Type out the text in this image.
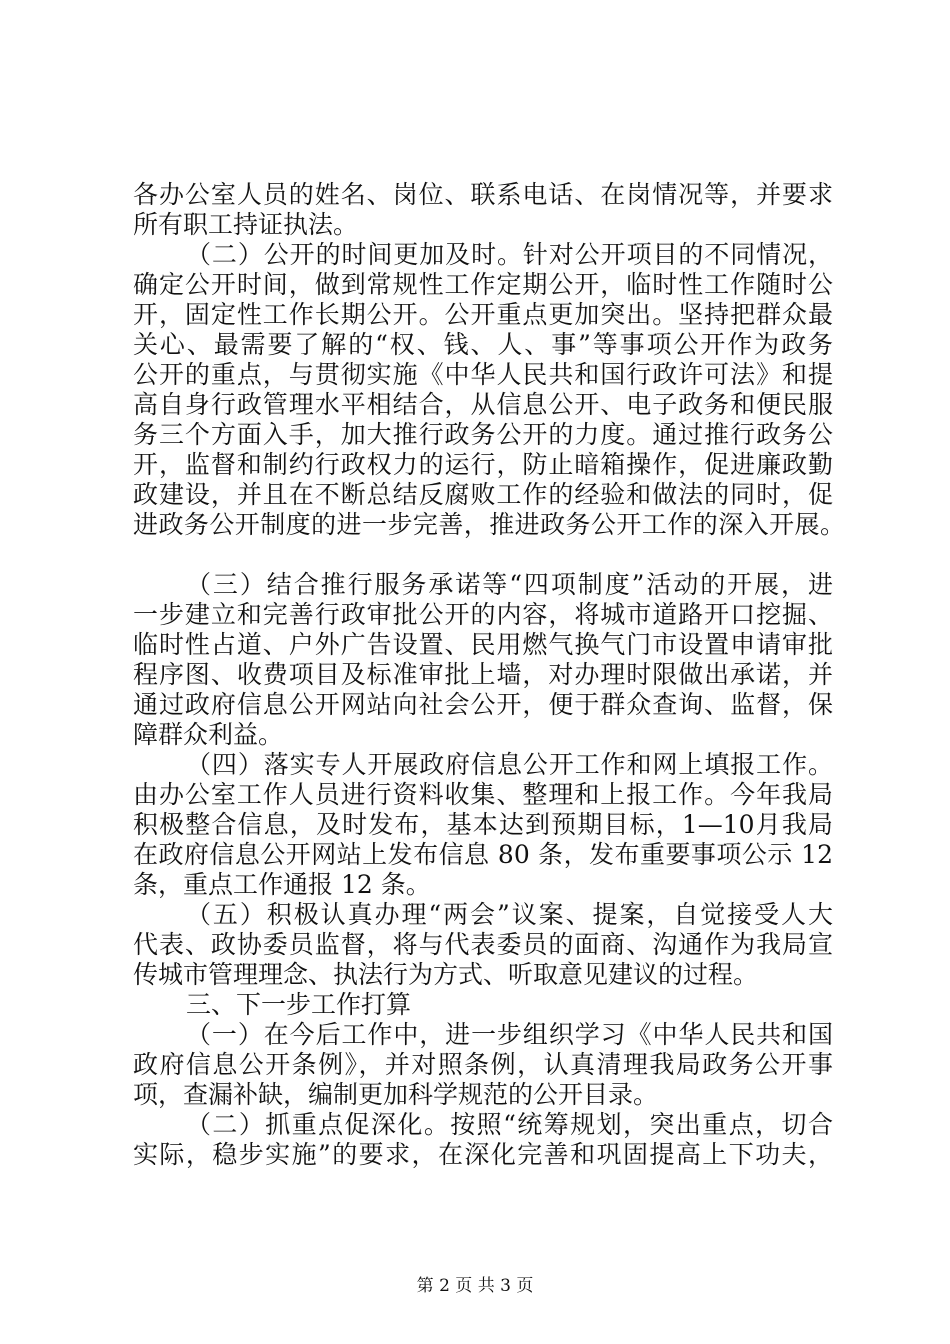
各办公室人员的姓名、岗位、联系电话、在岗情况等，并要求
所有职工持证执法。
（二）公开的时间更加及时。针对公开项目的不同情况，
确定公开时间，做到常规性工作定期公开，临时性工作随时公
开，固定性工作长期公开。公开重点更加突出。坚持把群众最
关心、最需要了解的“权、钱、人、事”等事项公开作为政务
公开的重点，与贯彻实施《中华人民共和国行政许可法》和提
高自身行政管理水平相结合，从信息公开、电子政务和便民服
务三个方面入手，加大推行政务公开的力度。通过推行政务公
开，监督和制约行政权力的运行，防止暗箱操作，促进廉政勤
政建设，并且在不断总结反腐败工作的经验和做法的同时，促
进政务公开制度的进一步完善，推进政务公开工作的深入开展。
（三）结合推行服务承诺等“四项制度”活动的开展，进
一步建立和完善行政审批公开的内容，将城市道路开口挖掘、
临时性占道、户外广告设置、民用燃气换气门市设置申请审批
程序图、收费项目及标准审批上墙，对办理时限做出承诺，并
通过政府信息公开网站向社会公开，便于群众查询、监督，保
障群众利益。
（四）落实专人开展政府信息公开工作和网上填报工作。
由办公室工作人员进行资料收集、整理和上报工作。今年我局
积极整合信息，及时发布，基本达到预期目标，1—10月我局
在政府信息公开网站上发布信息 80 条，发布重要事项公示 12
条，重点工作通报 12 条。
（五）积极认真办理“两会”议案、提案，自觉接受人大
代表、政协委员监督，将与代表委员的面商、沟通作为我局宣
传城市管理理念、执法行为方式、听取意见建议的过程。
三、下一步工作打算
（一）在今后工作中，进一步组织学习《中华人民共和国
政府信息公开条例》，并对照条例，认真清理我局政务公开事
项，查漏补缺，编制更加科学规范的公开目录。
（二）抓重点促深化。按照“统筹规划，突出重点，切合
实际，稳步实施”的要求，在深化完善和巩固提高上下功夫，
第 2 页 共 3 页
